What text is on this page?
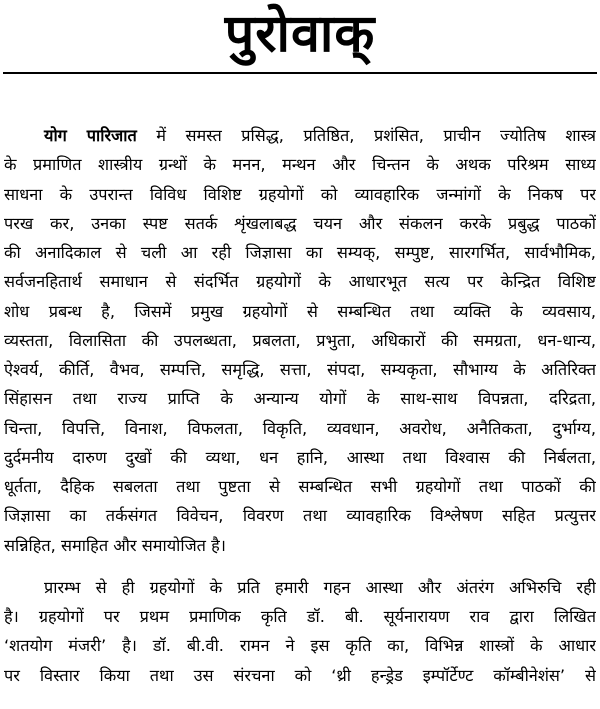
पुरोवाक्
योग पारिजात में समस्त प्रसिद्ध, प्रतिष्ठित, प्रशंसित, प्राचीन ज्योतिष शास्त्र
के प्रमाणित शास्त्रीय ग्रन्थों के मनन, मन्थन और चिन्तन के अथक परिश्रम साध्य
साधना के उपरान्त विविध विशिष्ट ग्रहयोगों को व्यावहारिक जन्मांगों के निकष पर
परख कर, उनका स्पष्ट सतर्क शृंखलाबद्ध चयन और संकलन करके प्रबुद्ध पाठकों
की अनादिकाल से चली आ रही जिज्ञासा का सम्यक्, सम्पुष्ट, सारगर्भित, सार्वभौमिक,
सर्वजनहितार्थ समाधान से संदर्भित ग्रहयोगों के आधारभूत सत्य पर केन्द्रित विशिष्ट
शोध प्रबन्ध है, जिसमें प्रमुख ग्रहयोगों से सम्बन्धित तथा व्यक्ति के व्यवसाय,
व्यस्तता, विलासिता की उपलब्धता, प्रबलता, प्रभुता, अधिकारों की समग्रता, धन-धान्य,
ऐश्वर्य, कीर्ति, वैभव, सम्पत्ति, समृद्धि, सत्ता, संपदा, सम्यकृता, सौभाग्य के अतिरिक्त
सिंहासन तथा राज्य प्राप्ति के अन्यान्य योगों के साथ-साथ विपन्नता, दरिद्रता,
चिन्ता, विपत्ति, विनाश, विफलता, विकृति, व्यवधान, अवरोध, अनैतिकता, दुर्भाग्य,
दुर्दमनीय दारुण दुखों की व्यथा, धन हानि, आस्था तथा विश्वास की निर्बलता,
धूर्तता, दैहिक सबलता तथा पुष्टता से सम्बन्धित सभी ग्रहयोगों तथा पाठकों की
जिज्ञासा का तर्कसंगत विवेचन, विवरण तथा व्यावहारिक विश्लेषण सहित प्रत्युत्तर
सन्निहित, समाहित और समायोजित है।
प्रारम्भ से ही ग्रहयोगों के प्रति हमारी गहन आस्था और अंतरंग अभिरुचि रही
है। ग्रहयोगों पर प्रथम प्रमाणिक कृति डॉ. बी. सूर्यनारायण राव द्वारा लिखित
‘शतयोग मंजरी’ है। डॉ. बी.वी. रामन ने इस कृति का, विभिन्न शास्त्रों के आधार
पर विस्तार किया तथा उस संरचना को ‘थ्री हन्ड्रेड इम्पॉर्टेण्ट कॉम्बीनेशंस’ से
